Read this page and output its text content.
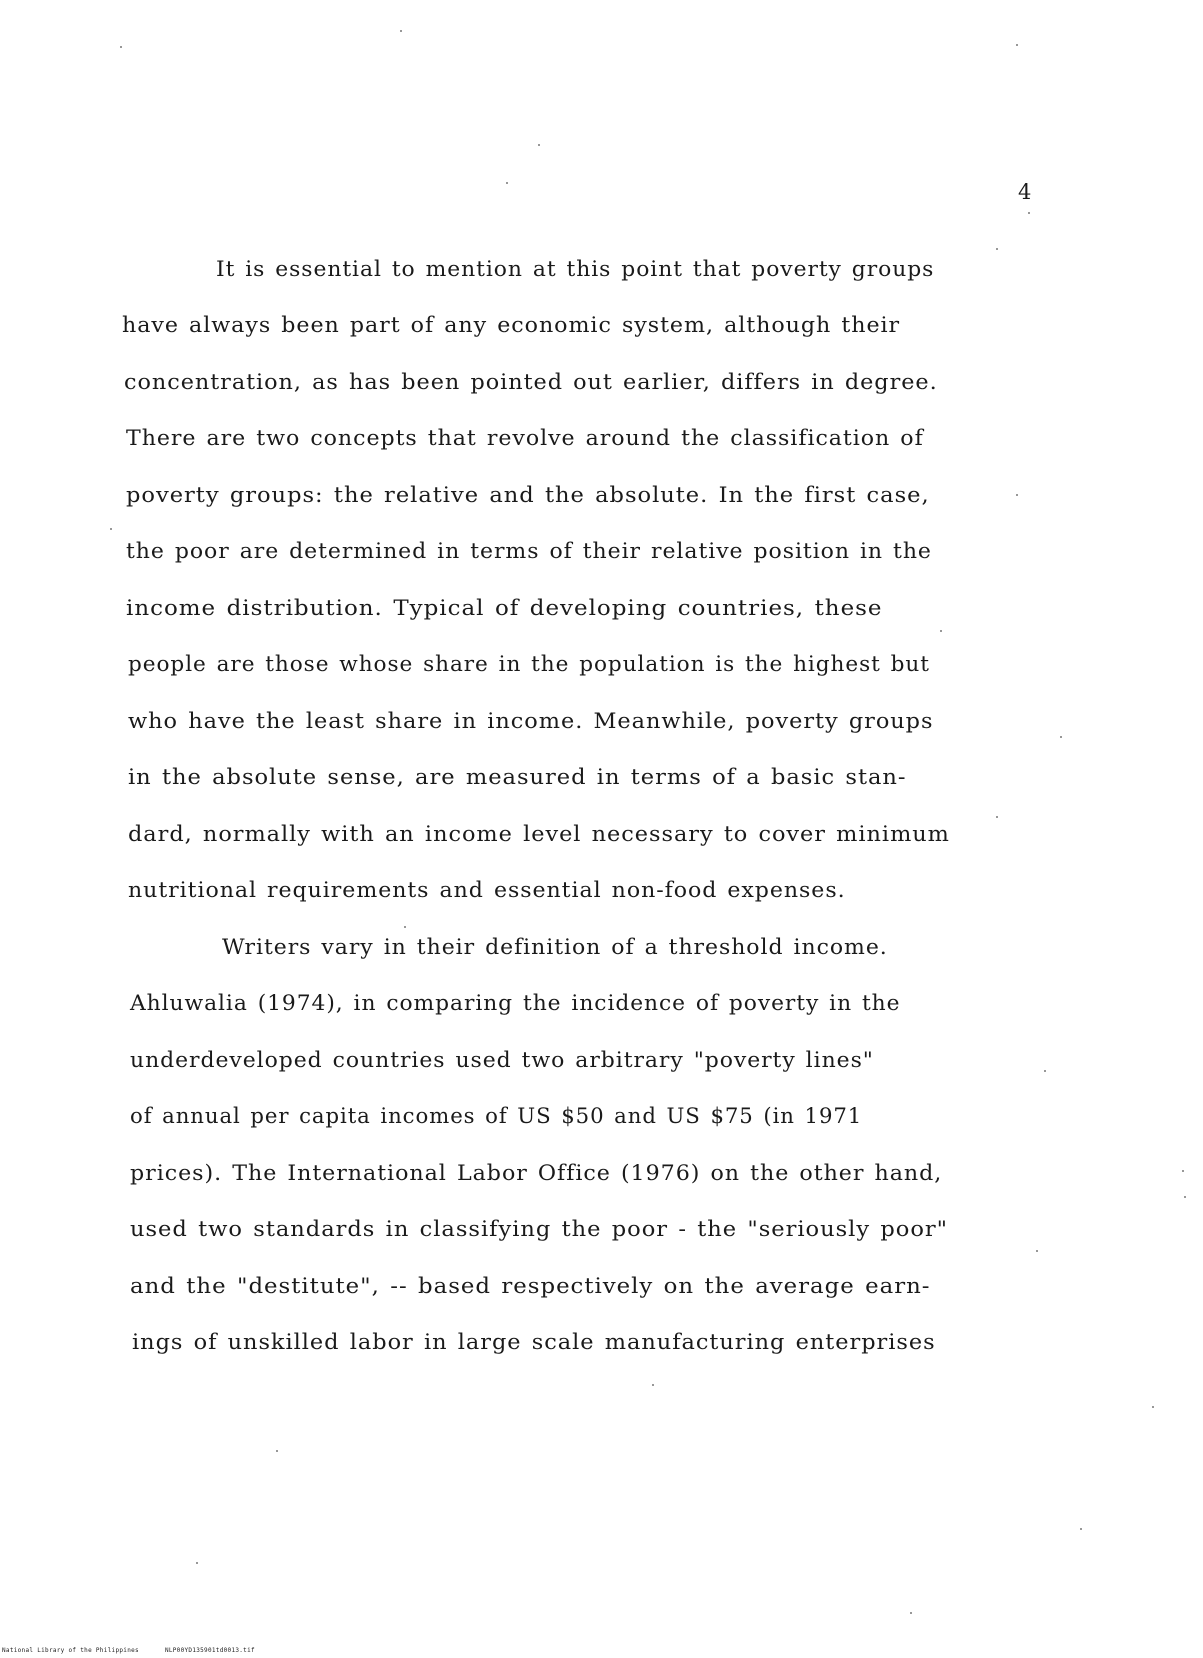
4
It is essential to mention at this point that poverty groups
have always been part of any economic system, although their
concentration, as has been pointed out earlier, differs in degree.
There are two concepts that revolve around the classification of
poverty groups: the relative and the absolute. In the first case,
the poor are determined in terms of their relative position in the
income distribution. Typical of developing countries, these
people are those whose share in the population is the highest but
who have the least share in income. Meanwhile, poverty groups
in the absolute sense, are measured in terms of a basic stan-
dard, normally with an income level necessary to cover minimum
nutritional requirements and essential non-food expenses.
Writers vary in their definition of a threshold income.
Ahluwalia (1974), in comparing the incidence of poverty in the
underdeveloped countries used two arbitrary "poverty lines"
of annual per capita incomes of US $50 and US $75 (in 1971
prices). The International Labor Office (1976) on the other hand,
used two standards in classifying the poor - the "seriously poor"
and the "destitute", -- based respectively on the average earn-
ings of unskilled labor in large scale manufacturing enterprises
National Library of the Philippines	NLP00YD135901td0013.tif
